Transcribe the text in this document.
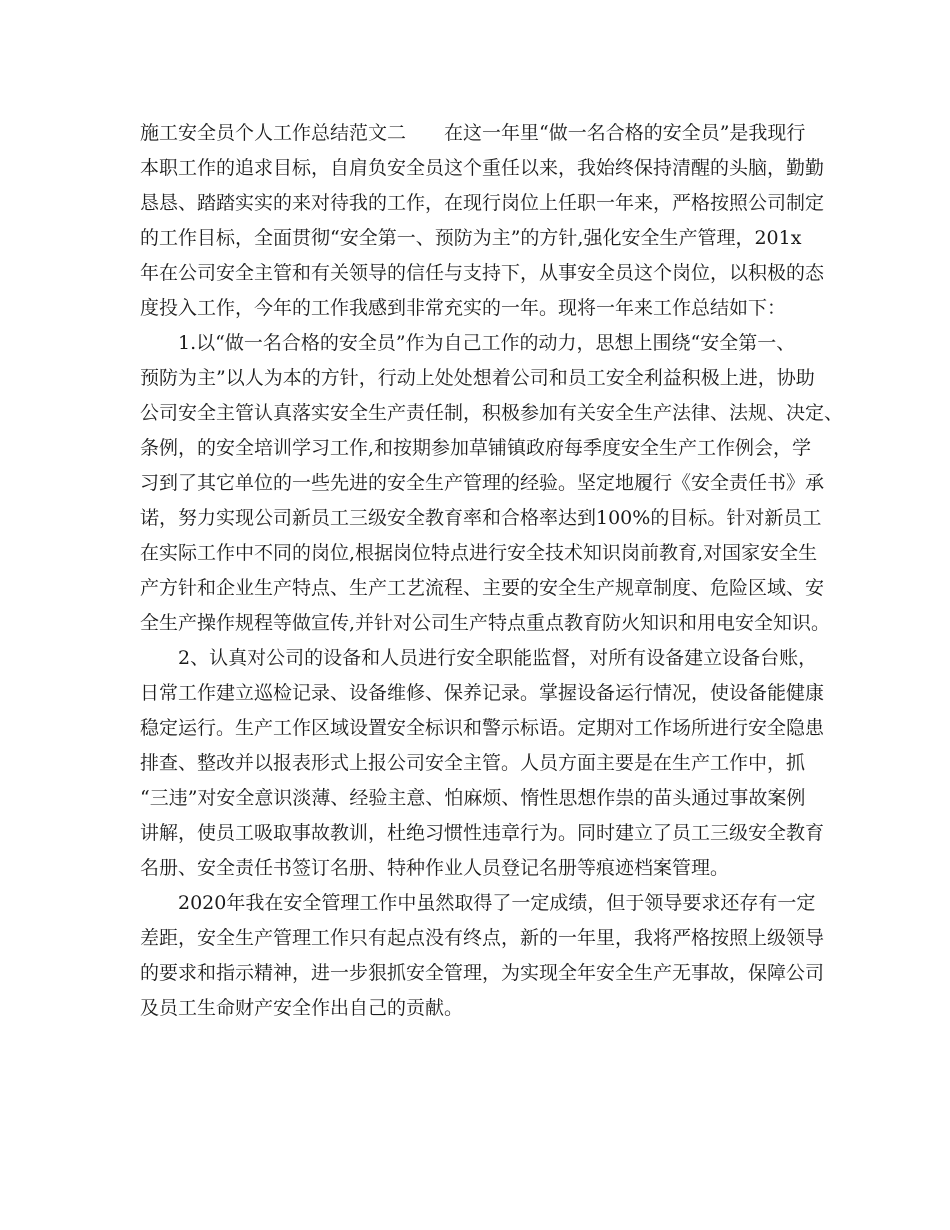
施工安全员个人工作总结范文二　　在这一年里“做一名合格的安全员”是我现行
本职工作的追求目标，自肩负安全员这个重任以来，我始终保持清醒的头脑，勤勤
恳恳、踏踏实实的来对待我的工作，在现行岗位上任职一年来，严格按照公司制定
的工作目标，全面贯彻“安全第一、预防为主”的方针,强化安全生产管理，201x
年在公司安全主管和有关领导的信任与支持下，从事安全员这个岗位，以积极的态
度投入工作，今年的工作我感到非常充实的一年。现将一年来工作总结如下：
1.以“做一名合格的安全员”作为自己工作的动力，思想上围绕“安全第一、
预防为主”以人为本的方针，行动上处处想着公司和员工安全利益积极上进，协助
公司安全主管认真落实安全生产责任制，积极参加有关安全生产法律、法规、决定、
条例，的安全培训学习工作,和按期参加草铺镇政府每季度安全生产工作例会，学
习到了其它单位的一些先进的安全生产管理的经验。坚定地履行《安全责任书》承
诺，努力实现公司新员工三级安全教育率和合格率达到100%的目标。针对新员工
在实际工作中不同的岗位,根据岗位特点进行安全技术知识岗前教育,对国家安全生
产方针和企业生产特点、生产工艺流程、主要的安全生产规章制度、危险区域、安
全生产操作规程等做宣传,并针对公司生产特点重点教育防火知识和用电安全知识。
2、认真对公司的设备和人员进行安全职能监督，对所有设备建立设备台账，
日常工作建立巡检记录、设备维修、保养记录。掌握设备运行情况，使设备能健康
稳定运行。生产工作区域设置安全标识和警示标语。定期对工作场所进行安全隐患
排查、整改并以报表形式上报公司安全主管。人员方面主要是在生产工作中，抓
“三违”对安全意识淡薄、经验主意、怕麻烦、惰性思想作祟的苗头通过事故案例
讲解，使员工吸取事故教训，杜绝习惯性违章行为。同时建立了员工三级安全教育
名册、安全责任书签订名册、特种作业人员登记名册等痕迹档案管理。
2020年我在安全管理工作中虽然取得了一定成绩，但于领导要求还存有一定
差距，安全生产管理工作只有起点没有终点，新的一年里，我将严格按照上级领导
的要求和指示精神，进一步狠抓安全管理，为实现全年安全生产无事故，保障公司
及员工生命财产安全作出自己的贡献。
